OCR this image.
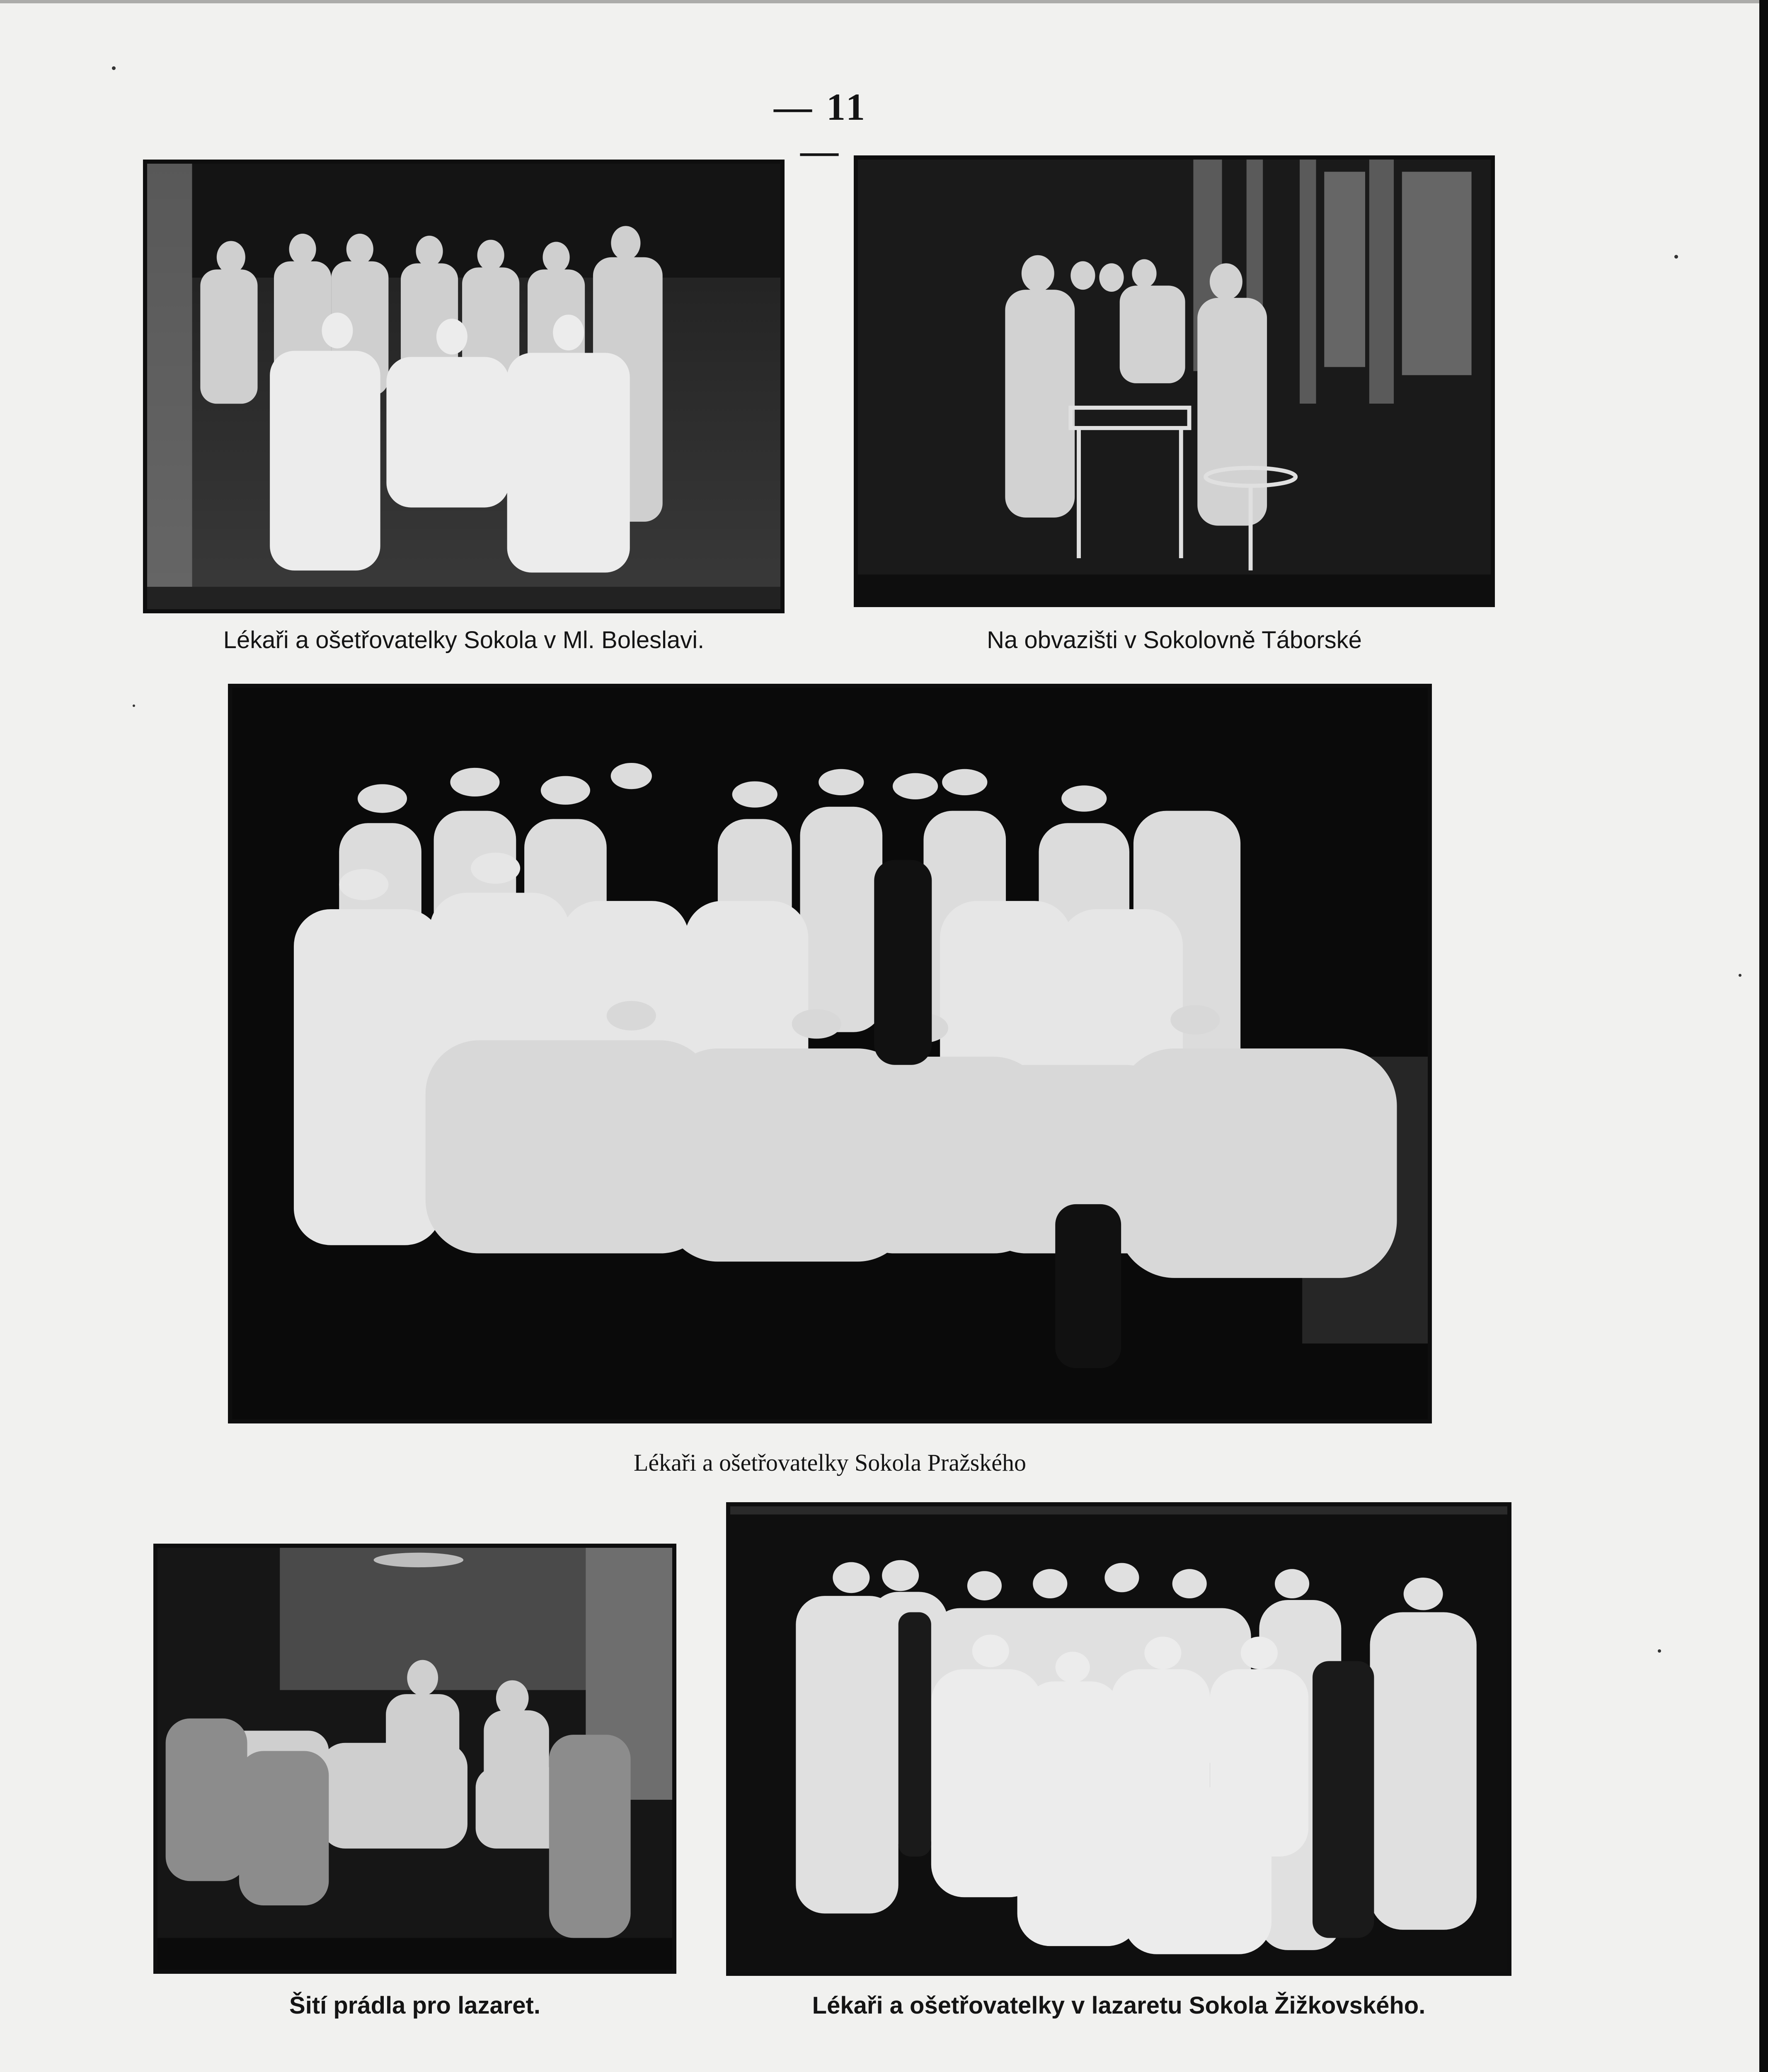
— 11 —
Lékaři a ošetřovatelky Sokola v Ml. Boleslavi.	Na obvazišti v Sokolovně Táborské
Lékaři a ošetřovatelky Sokola Pražského
Šití prádla pro lazaret.	Lékaři a ošetřovatelky v lazaretu Sokola Žižkovského.
